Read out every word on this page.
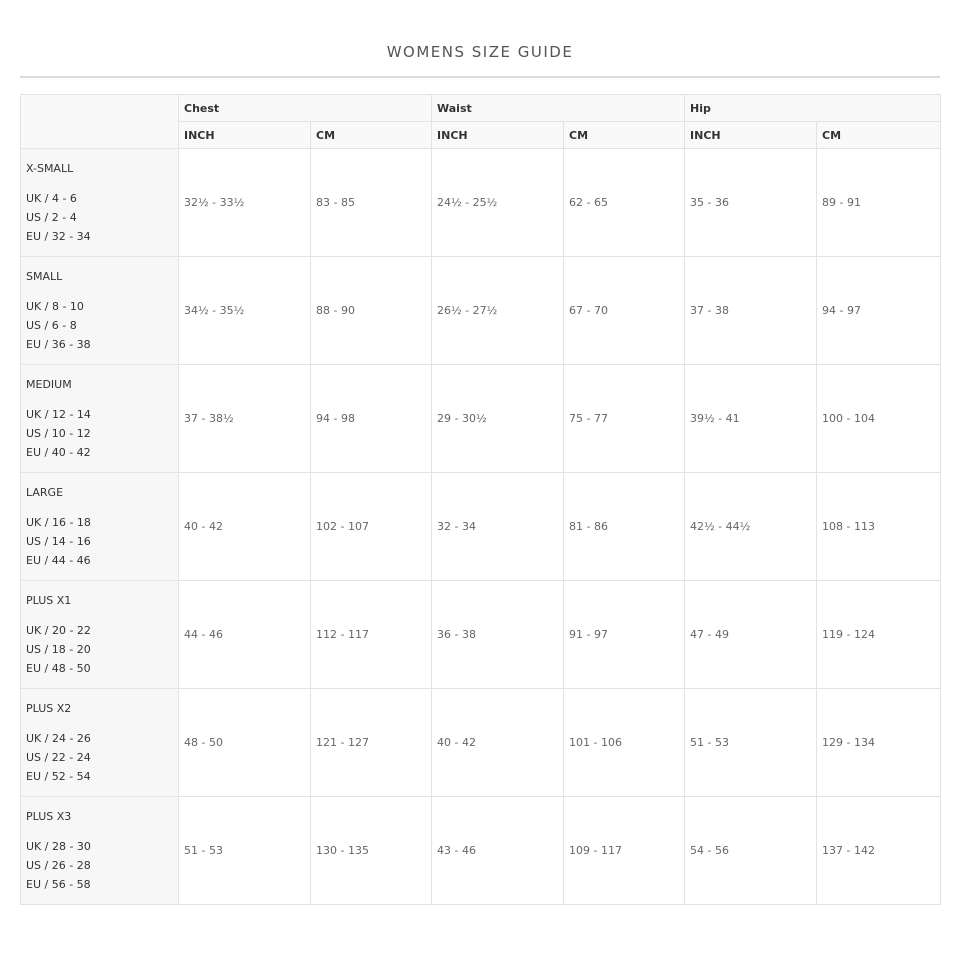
WOMENS SIZE GUIDE
	Chest		Waist		Hip	
	INCH	CM	INCH	CM	INCH	CM

X-SMALL
UK / 4 - 6
US / 2 - 4
EU / 32 - 34	32½ - 33½	83 - 85	24½ - 25½	62 - 65	35 - 36	89 - 91

SMALL
UK / 8 - 10
US / 6 - 8
EU / 36 - 38	34½ - 35½	88 - 90	26½ - 27½	67 - 70	37 - 38	94 - 97

MEDIUM
UK / 12 - 14
US / 10 - 12
EU / 40 - 42	37 - 38½	94 - 98	29 - 30½	75 - 77	39½ - 41	100 - 104

LARGE
UK / 16 - 18
US / 14 - 16
EU / 44 - 46	40 - 42	102 - 107	32 - 34	81 - 86	42½ - 44½	108 - 113

PLUS X1
UK / 20 - 22
US / 18 - 20
EU / 48 - 50	44 - 46	112 - 117	36 - 38	91 - 97	47 - 49	119 - 124

PLUS X2
UK / 24 - 26
US / 22 - 24
EU / 52 - 54	48 - 50	121 - 127	40 - 42	101 - 106	51 - 53	129 - 134

PLUS X3
UK / 28 - 30
US / 26 - 28
EU / 56 - 58	51 - 53	130 - 135	43 - 46	109 - 117	54 - 56	137 - 142
